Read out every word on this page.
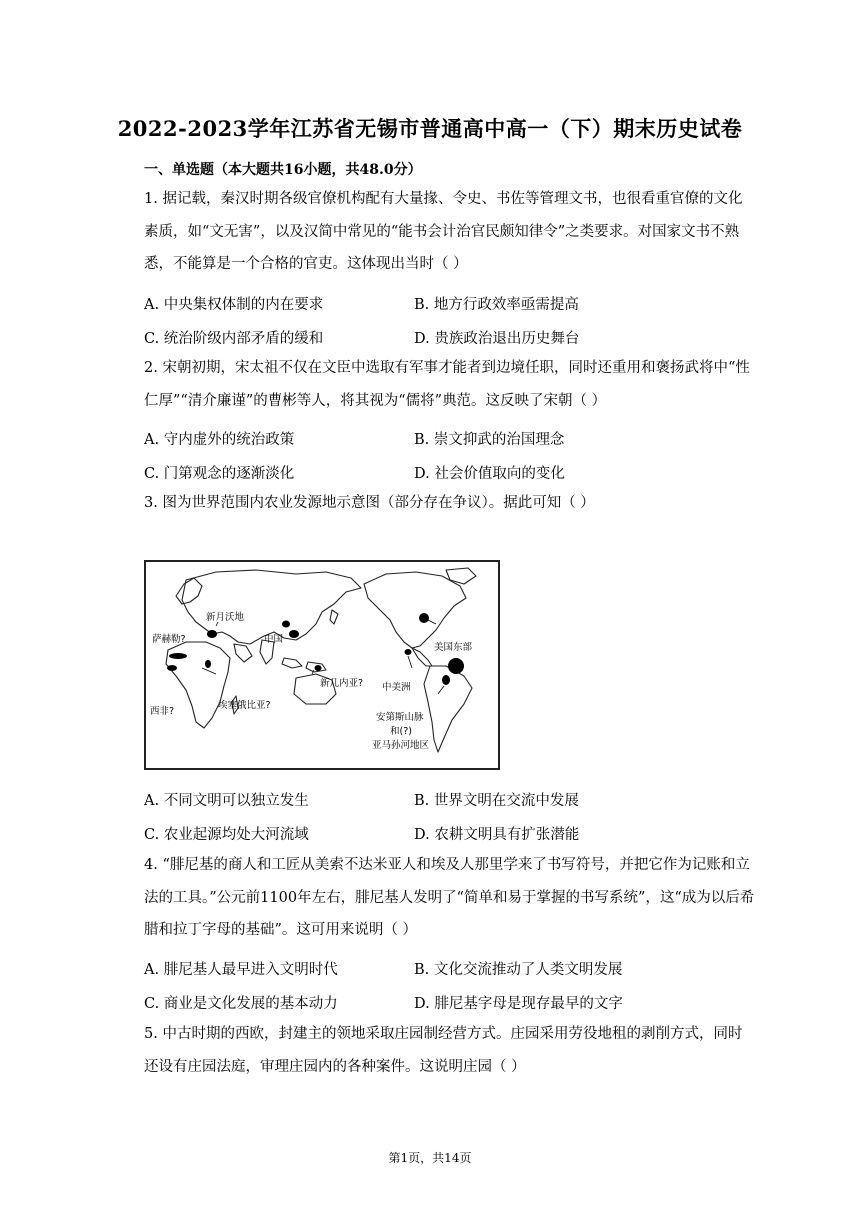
2022-2023学年江苏省无锡市普通高中高一（下）期末历史试卷
一、单选题（本大题共16小题，共48.0分）
1. 据记载，秦汉时期各级官僚机构配有大量掾、令史、书佐等管理文书，也很看重官僚的文化素质，如“文无害”，以及汉简中常见的“能书会计治官民颇知律令”之类要求。对国家文书不熟悉，不能算是一个合格的官吏。这体现出当时（ ）
A. 中央集权体制的内在要求	B. 地方行政效率亟需提高
C. 统治阶级内部矛盾的缓和	D. 贵族政治退出历史舞台
2. 宋朝初期，宋太祖不仅在文臣中选取有军事才能者到边境任职，同时还重用和褒扬武将中“性仁厚”“清介廉谨”的曹彬等人，将其视为“儒将”典范。这反映了宋朝（ ）
A. 守内虚外的统治政策	B. 崇文抑武的治国理念
C. 门第观念的逐渐淡化	D. 社会价值取向的变化
3. 图为世界范围内农业发源地示意图（部分存在争议）。据此可知（ ）
新月沃地
中国
萨赫勒?
西非?
埃塞俄比亚?
新几内亚?
美国东部
中美洲
安第斯山脉
和(?)
亚马孙河地区
A. 不同文明可以独立发生	B. 世界文明在交流中发展
C. 农业起源均处大河流域	D. 农耕文明具有扩张潜能
4. “腓尼基的商人和工匠从美索不达米亚人和埃及人那里学来了书写符号，并把它作为记账和立法的工具。”公元前1100年左右，腓尼基人发明了“简单和易于掌握的书写系统”，这“成为以后希腊和拉丁字母的基础”。这可用来说明（ ）
A. 腓尼基人最早进入文明时代	B. 文化交流推动了人类文明发展
C. 商业是文化发展的基本动力	D. 腓尼基字母是现存最早的文字
5. 中古时期的西欧，封建主的领地采取庄园制经营方式。庄园采用劳役地租的剥削方式，同时还设有庄园法庭，审理庄园内的各种案件。这说明庄园（ ）
第1页，共14页
